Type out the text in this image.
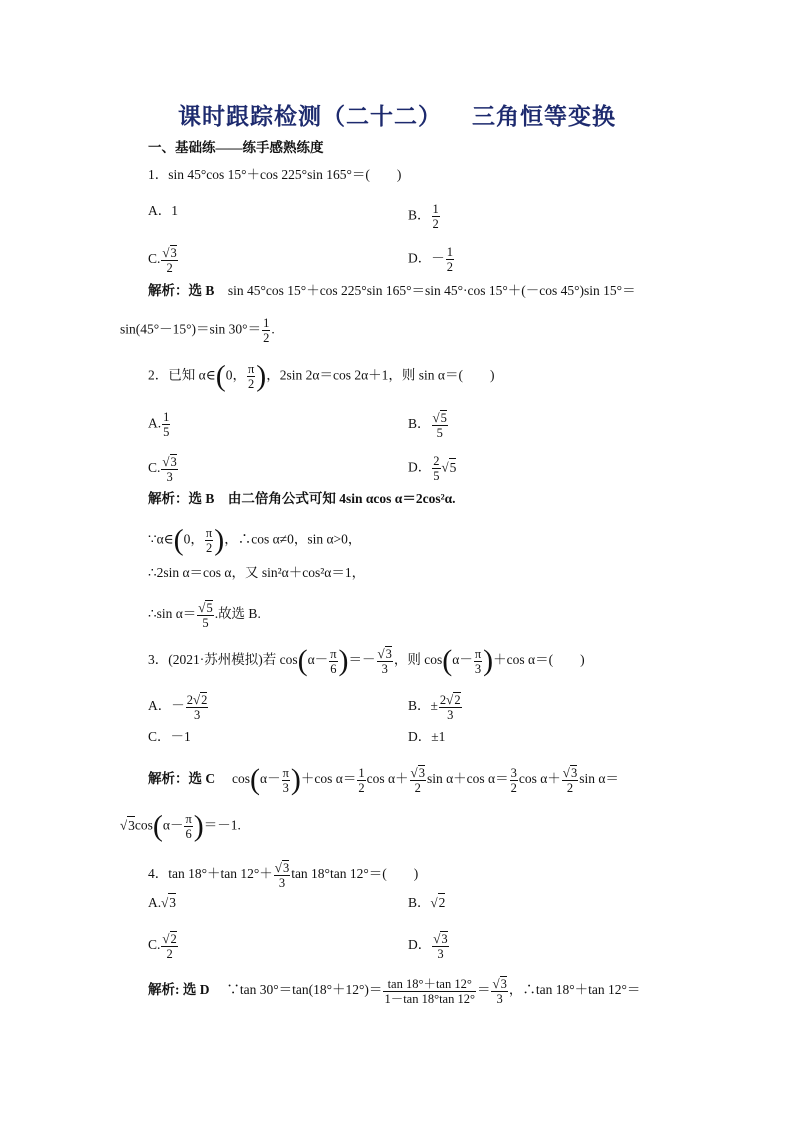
课时跟踪检测（二十二） 三角恒等变换
一、基础练——练手感熟练度
1．sin 45°cos 15°＋cos 225°sin 165°＝(　　)
A．1	B． $\frac{1}{2}$
C. $\frac{√3}{2}$	D．－ $\frac{1}{2}$
解析：选 B　 sin 45°cos 15°＋cos 225°sin 165°＝sin 45°·cos 15°＋(－cos 45°)sin 15°＝
sin(45°－15°)＝sin $30^\circ= \frac{1}{2}$ .
2．已知 α∈(0， $\frac{\pi}{2}$ )，2sin 2α＝cos 2α＋1，则 sin α＝(　　)
A. $\frac{1}{5}$	B． $\frac{√5}{5}$
C. $\frac{√3}{3}$	D． $\frac{2}{5} √5$
解析：选 B　由二倍角公式可知 4sin αcos α＝2cos²α.
∵α∈(0， $\frac{\pi}{2}$ )，∴cos α≠0，sin α>0，
∴2sin α＝cos α，又 sin²α＋cos²α＝1，
∴sin $\alpha= \frac{√5}{5}$ .故选 B.
3．(2021·苏州模拟)若 $\cos(\alpha- \frac{\pi}{6}$ )＝－ $\frac{√3}{3}$ ，则 $\cos(\alpha- \frac{\pi}{3} )+\cos$ α＝(　　)
A．－ $\frac{2√2}{3}$	B．± $\frac{2√2}{3}$
C．－1	D．±1
解析：选 C　 $\cos(\alpha- \frac{\pi}{3} )+\cos$ $\alpha= \frac{1}{2}$ $\cos \alpha+ \frac{√3}{2}$ sin α＋cos $\alpha= \frac{3}{2}$ $\cos \alpha+ \frac{√3}{2}$ sin α＝
$√3\cos(\alpha- \frac{\pi}{6} )=-1$.
4．tan 18°＋tan $12^\circ+ \frac{√3}{3}$ tan 18°tan 12°＝(　　)
A.√3	B．√2
C. $\frac{√2}{2}$	D． $\frac{√3}{3}$
解析: 选 D　 ∵tan $30^\circ=\tan(18^\circ+12^\circ)= \frac{\tan 18^\circ+\tan 12^\circ}{1-\tan 18^\circ\tan 12^\circ} = \frac{√3}{3}$ ，∴tan 18°＋tan 12°＝
